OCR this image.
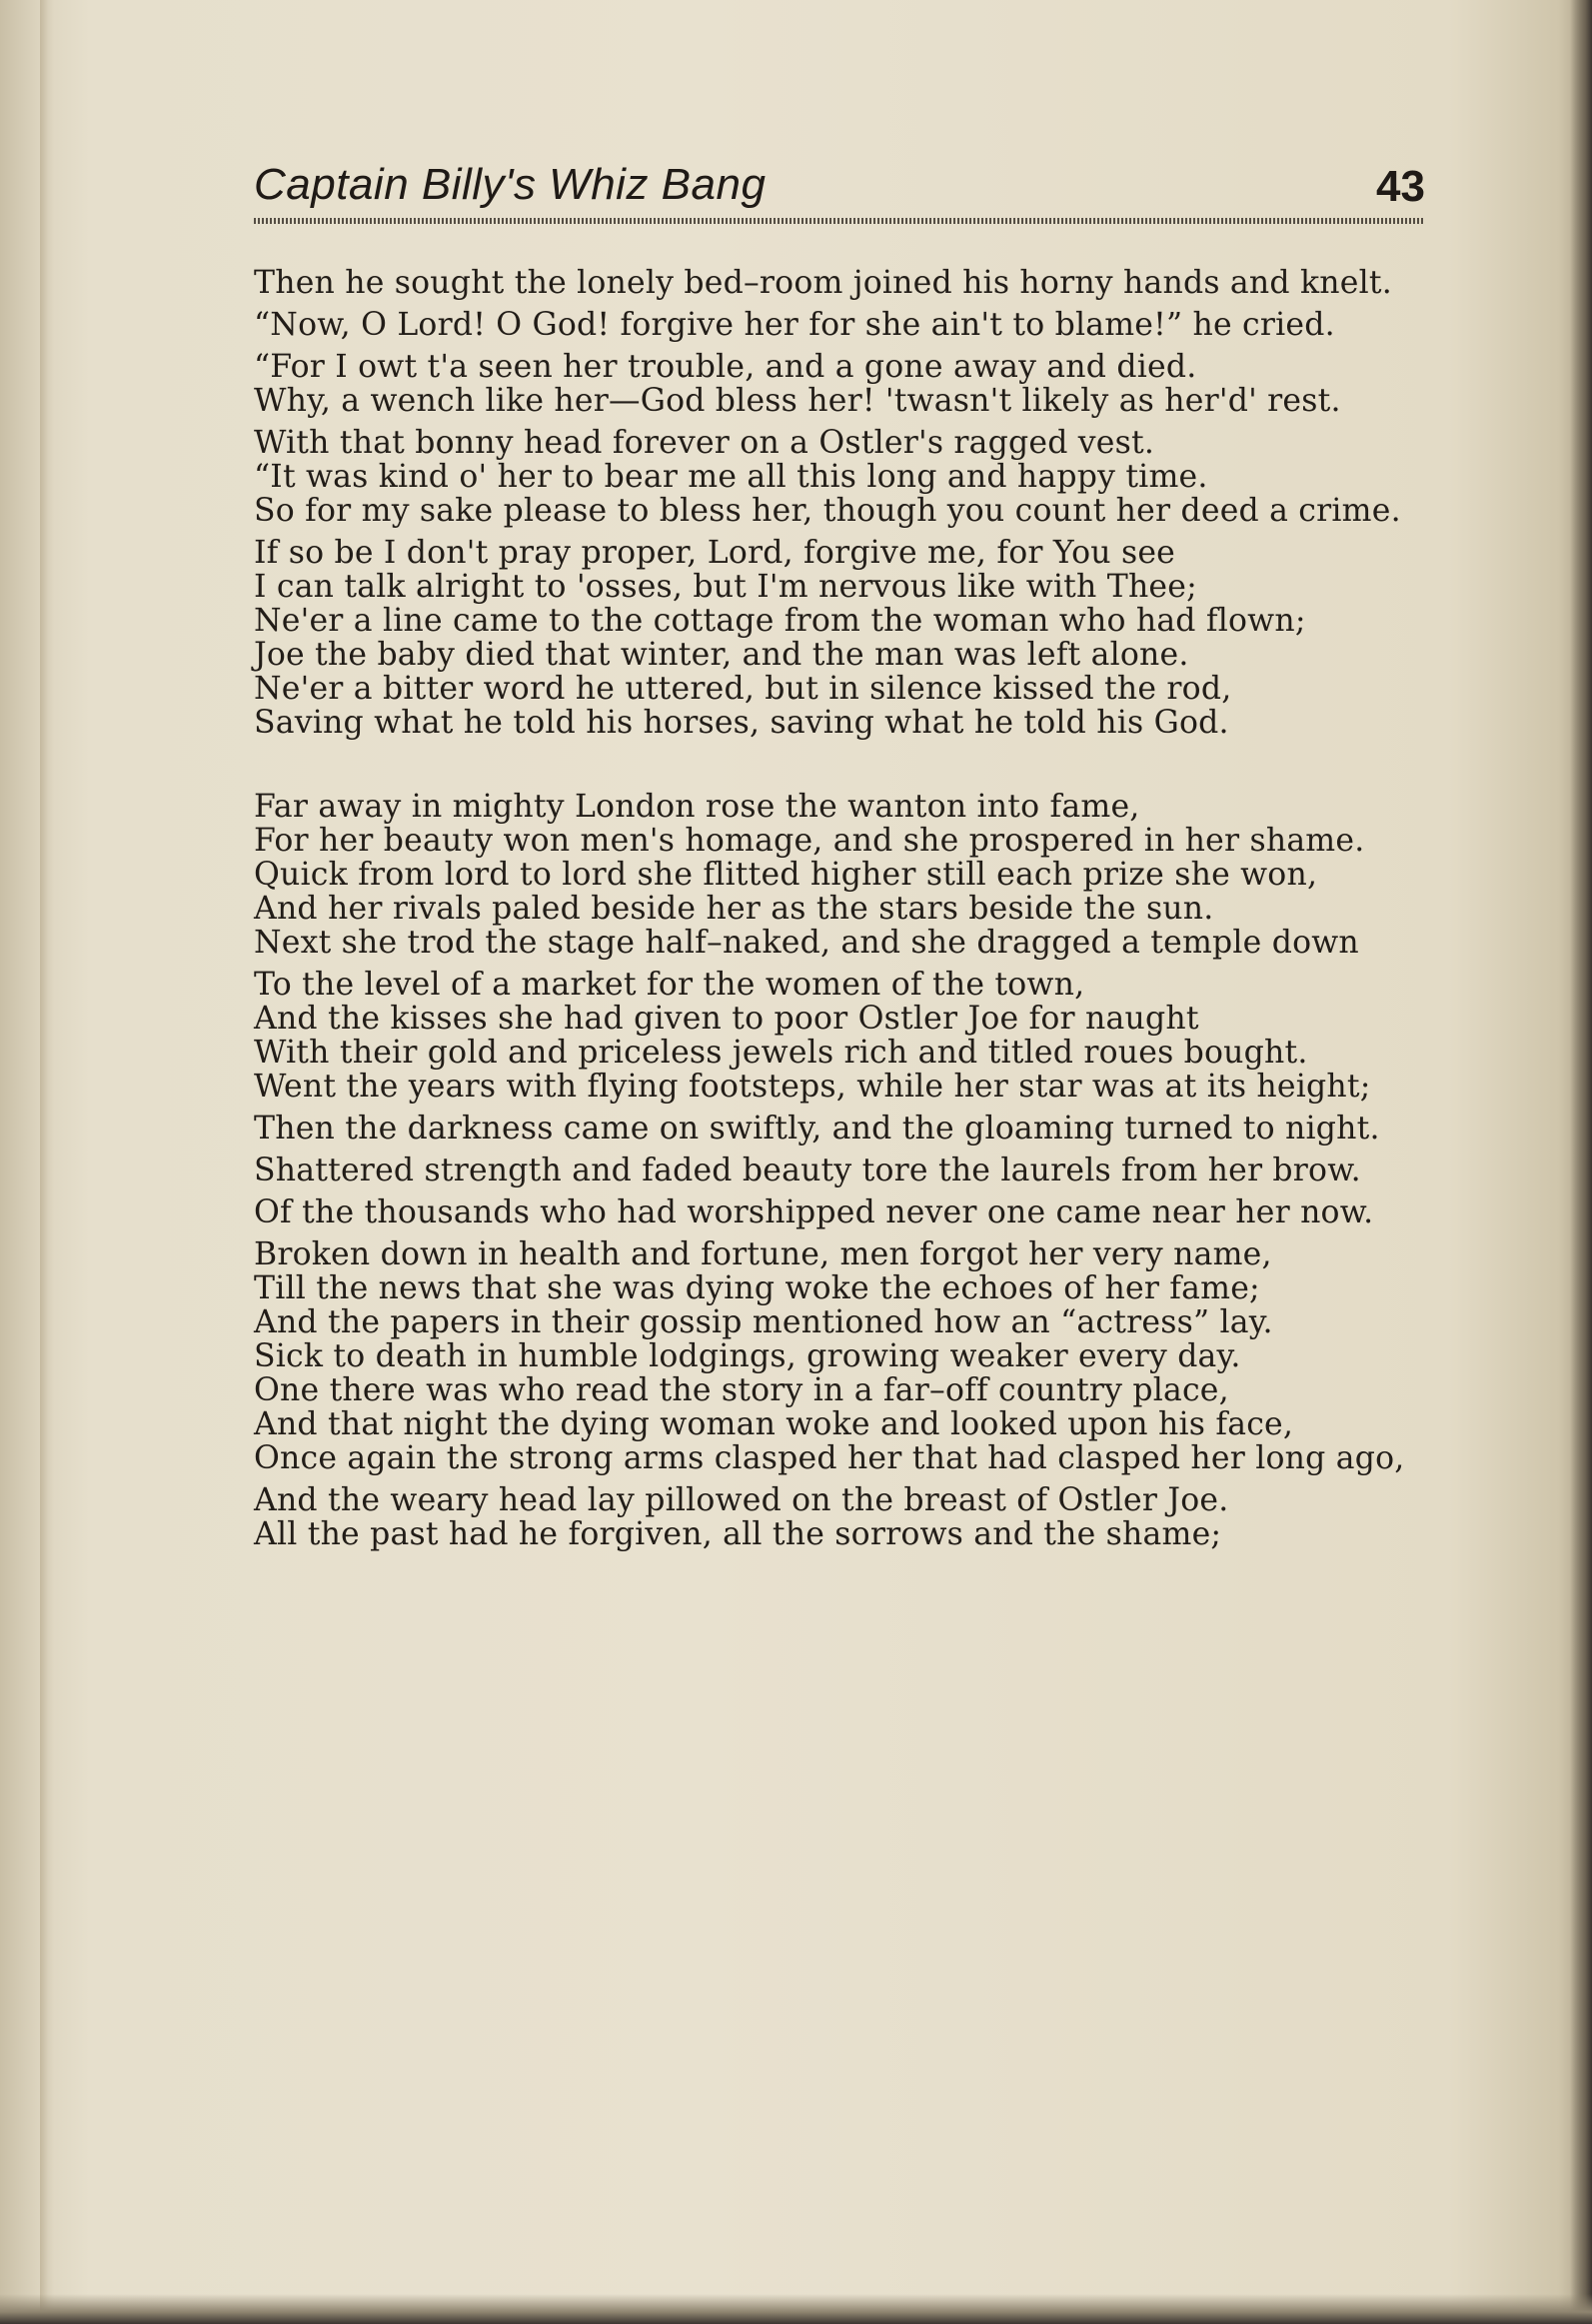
Captain Billy's Whiz Bang	43

Then he sought the lonely bed–room joined his horny hands and knelt.

“Now, O Lord! O God! forgive her for she ain't to blame!” he cried.

“For I owt t'a seen her trouble, and a gone away and died.

Why, a wench like her—God bless her! 'twasn't likely as her'd' rest.

With that bonny head forever on a Ostler's ragged vest.

“It was kind o' her to bear me all this long and happy time.

So for my sake please to bless her, though you count her deed a crime.

If so be I don't pray proper, Lord, forgive me, for You see

I can talk alright to 'osses, but I'm nervous like with Thee;

Ne'er a line came to the cottage from the woman who had flown;

Joe the baby died that winter, and the man was left alone.

Ne'er a bitter word he uttered, but in silence kissed the rod,

Saving what he told his horses, saving what he told his God.

Far away in mighty London rose the wanton into fame,

For her beauty won men's homage, and she prospered in her shame.

Quick from lord to lord she flitted higher still each prize she won,

And her rivals paled beside her as the stars beside the sun.

Next she trod the stage half–naked, and she dragged a temple down

To the level of a market for the women of the town,

And the kisses she had given to poor Ostler Joe for naught

With their gold and priceless jewels rich and titled roues bought.

Went the years with flying footsteps, while her star was at its height;

Then the darkness came on swiftly, and the gloaming turned to night.

Shattered strength and faded beauty tore the laurels from her brow.

Of the thousands who had worshipped never one came near her now.

Broken down in health and fortune, men forgot her very name,

Till the news that she was dying woke the echoes of her fame;

And the papers in their gossip mentioned how an “actress” lay.

Sick to death in humble lodgings, growing weaker every day.

One there was who read the story in a far–off country place,

And that night the dying woman woke and looked upon his face,

Once again the strong arms clasped her that had clasped her long ago,

And the weary head lay pillowed on the breast of Ostler Joe.

All the past had he forgiven, all the sorrows and the shame;
